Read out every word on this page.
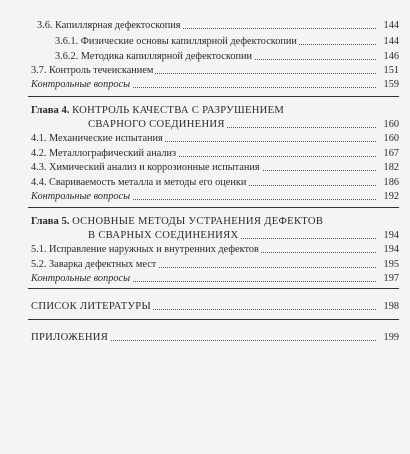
3.6. Капиллярная дефектоскопия	144
3.6.1. Физические основы капиллярной дефектоскопии	144
3.6.2. Методика капиллярной дефектоскопии	146
3.7. Контроль течеисканием	151
Контрольные вопросы	159
Глава 4. КОНТРОЛЬ КАЧЕСТВА С РАЗРУШЕНИЕМ
СВАРНОГО СОЕДИНЕНИЯ	160
4.1. Механические испытания	160
4.2. Металлографический анализ	167
4.3. Химический анализ и коррозионные испытания	182
4.4. Свариваемость металла и методы его оценки	186
Контрольные вопросы	192
Глава 5. ОСНОВНЫЕ МЕТОДЫ УСТРАНЕНИЯ ДЕФЕКТОВ
В СВАРНЫХ СОЕДИНЕНИЯХ	194
5.1. Исправление наружных и внутренних дефектов	194
5.2. Заварка дефектных мест	195
Контрольные вопросы	197
СПИСОК ЛИТЕРАТУРЫ	198
ПРИЛОЖЕНИЯ	199
